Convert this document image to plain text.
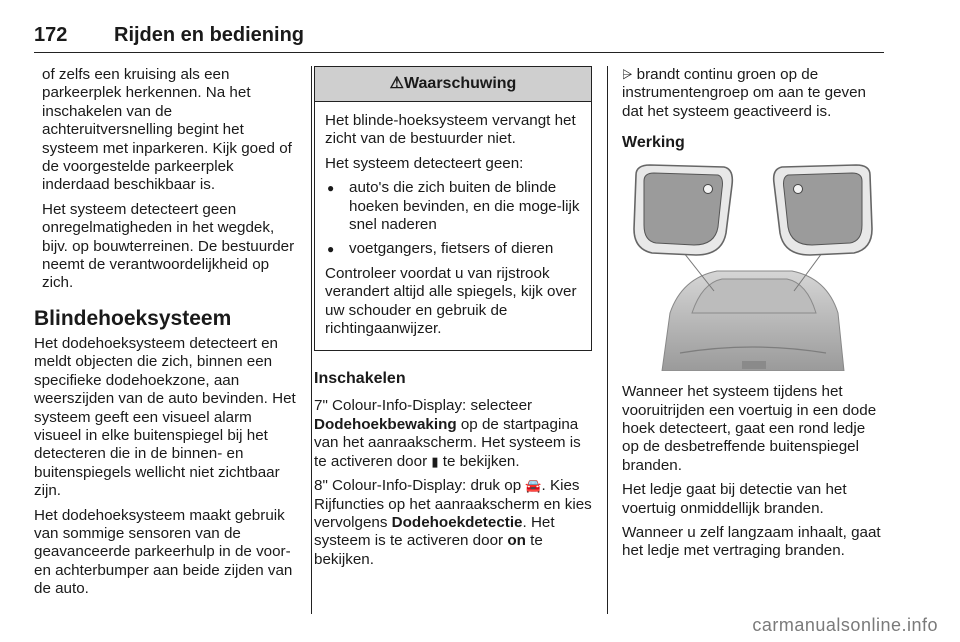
172 Rijden en bediening

of zelfs een kruising als een parkeerplek herkennen. Na het inschakelen van de achteruitversnelling begint het systeem met inparkeren. Kijk goed of de voorgestelde parkeerplek inderdaad beschikbaar is.

Het systeem detecteert geen onregelmatigheden in het wegdek, bijv. op bouwterreinen. De bestuurder neemt de verantwoordelijkheid op zich.

Blindehoeksysteem

Het dodehoeksysteem detecteert en meldt objecten die zich, binnen een specifieke dodehoekzone, aan weerszijden van de auto bevinden. Het systeem geeft een visueel alarm visueel in elke buitenspiegel bij het detecteren die in de binnen- en buitenspiegels wellicht niet zichtbaar zijn.

Het dodehoeksysteem maakt gebruik van sommige sensoren van de geavanceerde parkeerhulp in de voor- en achterbumper aan beide zijden van de auto.

⚠Waarschuwing

Het blinde-hoeksysteem vervangt het zicht van de bestuurder niet.

Het systeem detecteert geen:

● auto's die zich buiten de blinde hoeken bevinden, en die moge-lijk snel naderen
● voetgangers, fietsers of dieren

Controleer voordat u van rijstrook verandert altijd alle spiegels, kijk over uw schouder en gebruik de richtingaanwijzer.

Inschakelen

7" Colour-Info-Display: selecteer Dodehoekbewaking op de startpagina van het aanraakscherm. Het systeem is te activeren door ▮ te bekijken.

8" Colour-Info-Display: druk op 🚘. Kies Rijfuncties op het aanraakscherm en kies vervolgens Dodehoekdetectie. Het systeem is te activeren door on te bekijken.

⩥ brandt continu groen op de instrumentengroep om aan te geven dat het systeem geactiveerd is.

Werking

Wanneer het systeem tijdens het vooruitrijden een voertuig in een dode hoek detecteert, gaat een rond ledje op de desbetreffende buitenspiegel branden.

Het ledje gaat bij detectie van het voertuig onmiddellijk branden.

Wanneer u zelf langzaam inhaalt, gaat het ledje met vertraging branden.

carmanualsonline.info
